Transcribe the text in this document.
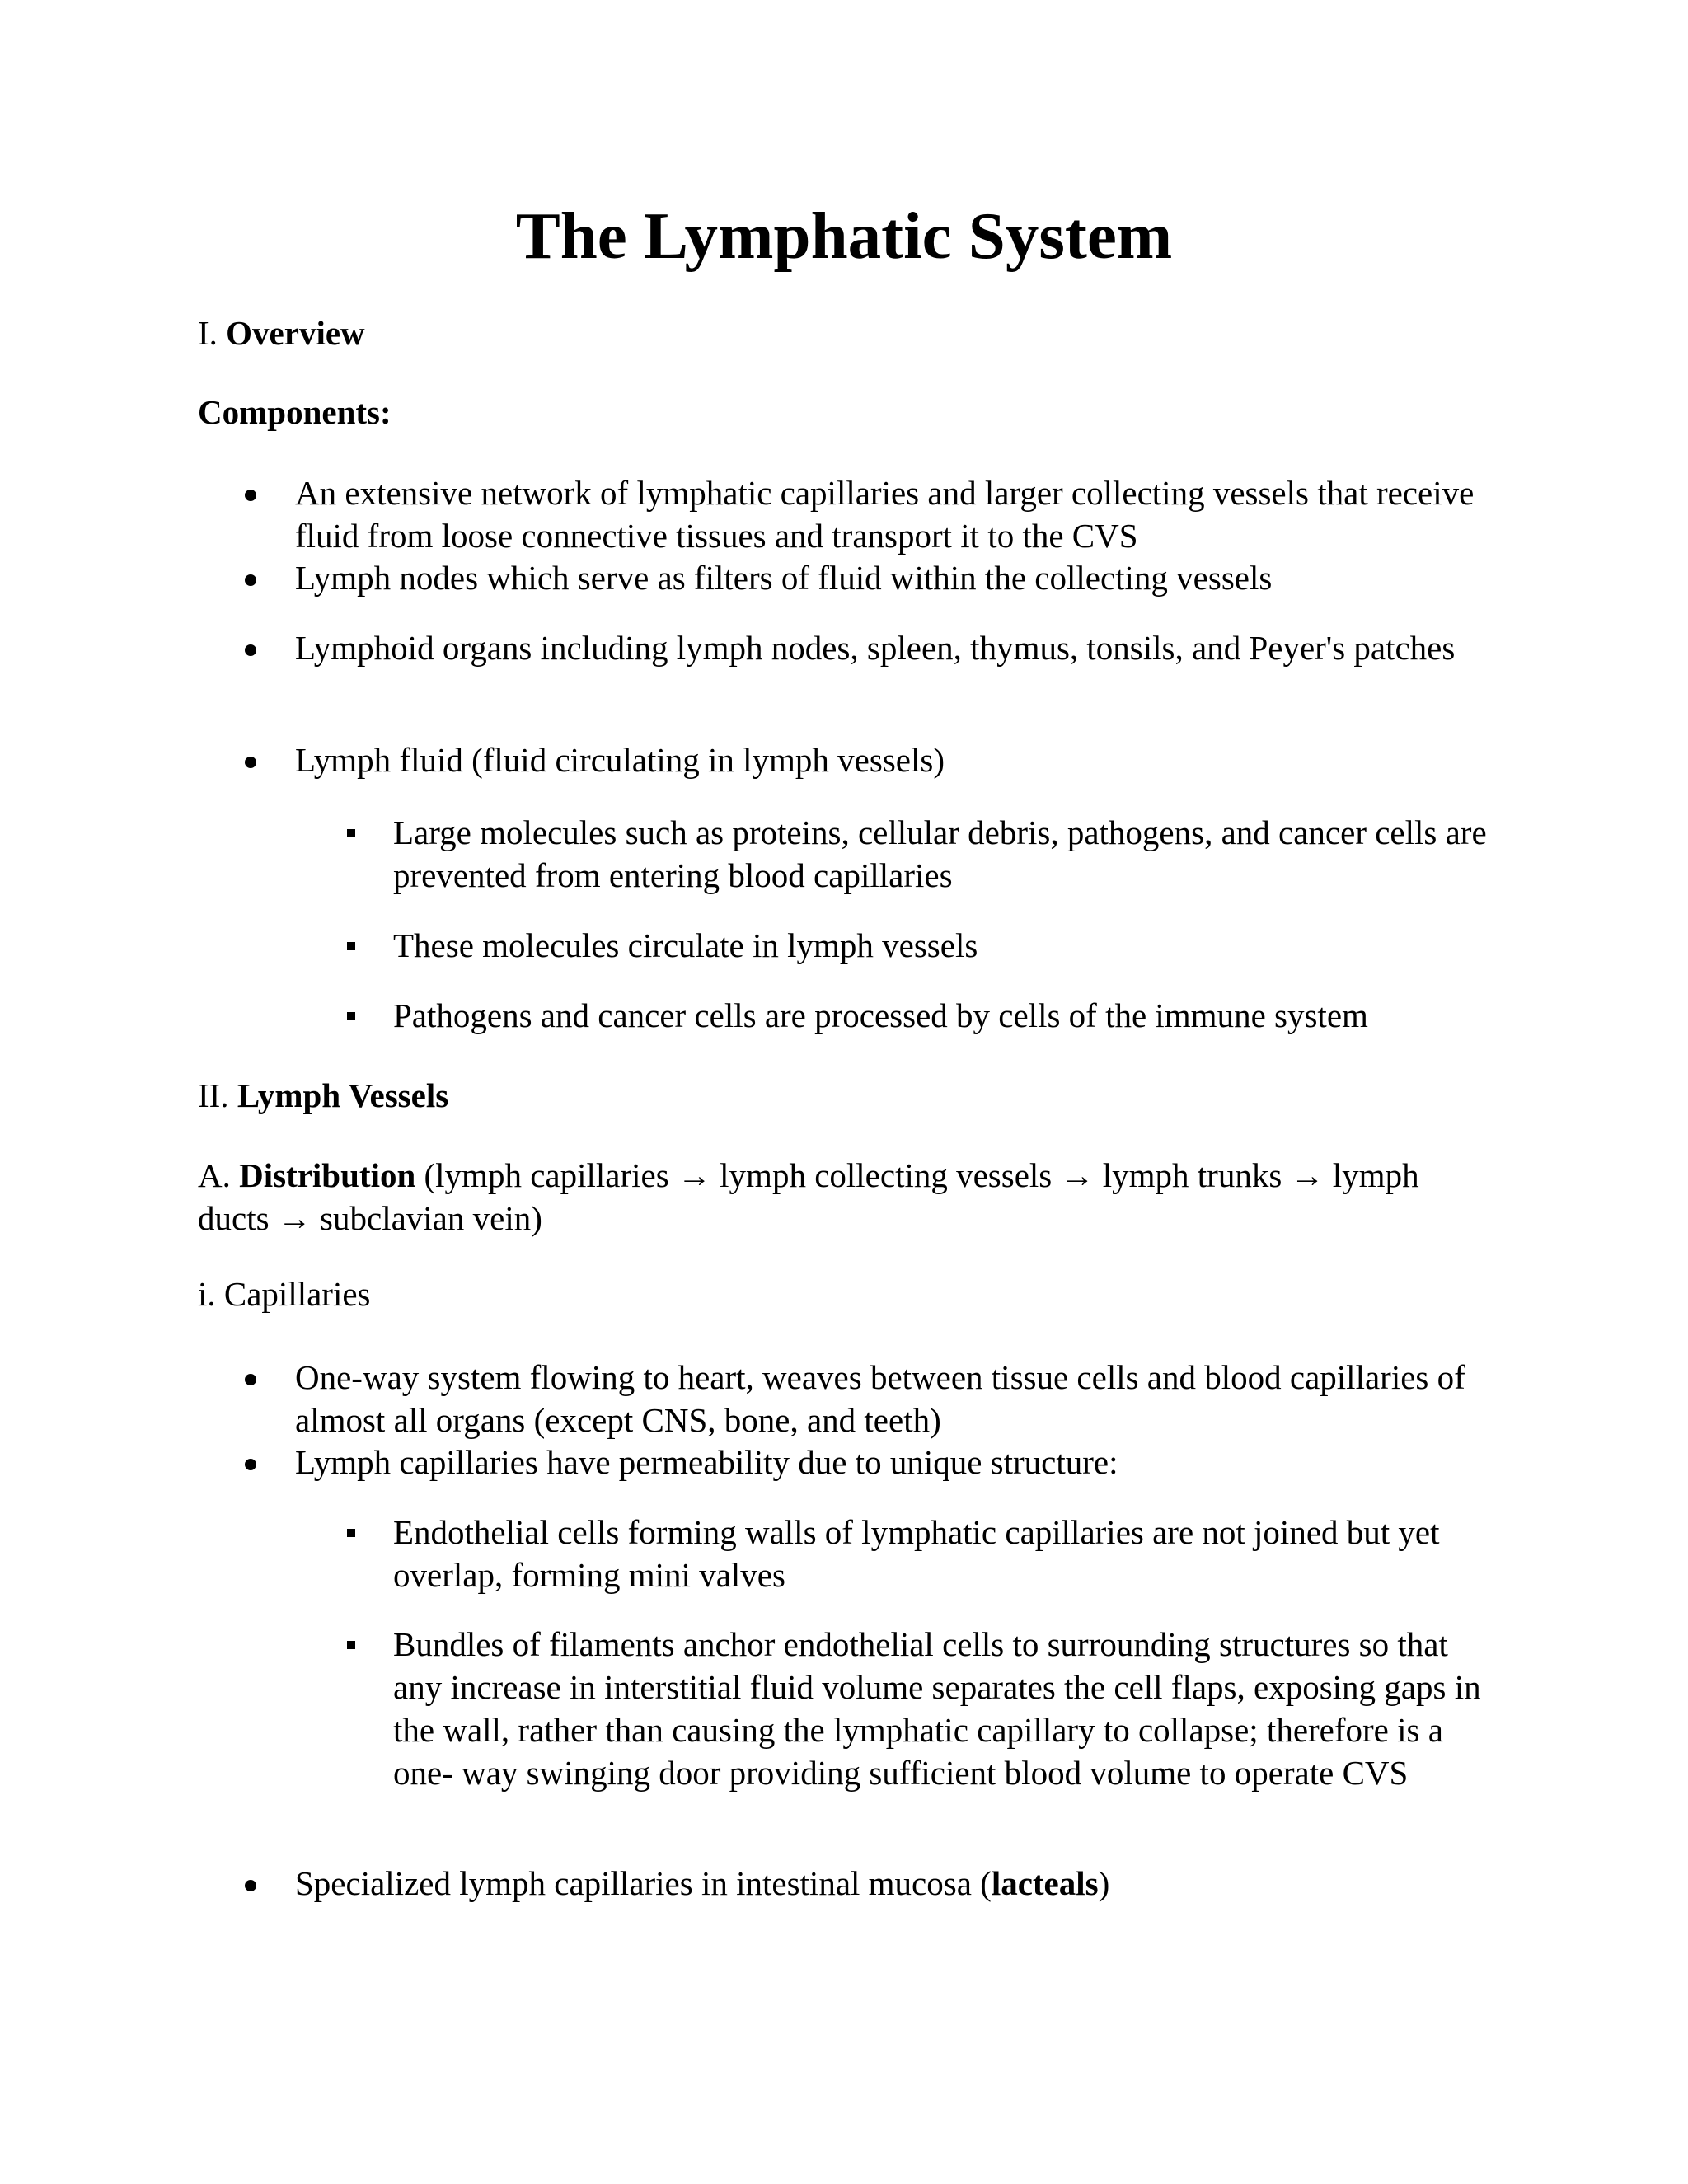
The Lymphatic System

I. Overview

Components:

An extensive network of lymphatic capillaries and larger collecting vessels that receive fluid from loose connective tissues and transport it to the CVS

Lymph nodes which serve as filters of fluid within the collecting vessels

Lymphoid organs including lymph nodes, spleen, thymus, tonsils, and Peyer's patches

Lymph fluid (fluid circulating in lymph vessels)

Large molecules such as proteins, cellular debris, pathogens, and cancer cells are prevented from entering blood capillaries

These molecules circulate in lymph vessels

Pathogens and cancer cells are processed by cells of the immune system

II. Lymph Vessels

A. Distribution (lymph capillaries → lymph collecting vessels → lymph trunks → lymph ducts → subclavian vein)

i. Capillaries

One-way system flowing to heart, weaves between tissue cells and blood capillaries of almost all organs (except CNS, bone, and teeth)

Lymph capillaries have permeability due to unique structure:

Endothelial cells forming walls of lymphatic capillaries are not joined but yet overlap, forming mini valves

Bundles of filaments anchor endothelial cells to surrounding structures so that any increase in interstitial fluid volume separates the cell flaps, exposing gaps in the wall, rather than causing the lymphatic capillary to collapse; therefore is a one- way swinging door providing sufficient blood volume to operate CVS

Specialized lymph capillaries in intestinal mucosa (lacteals)
